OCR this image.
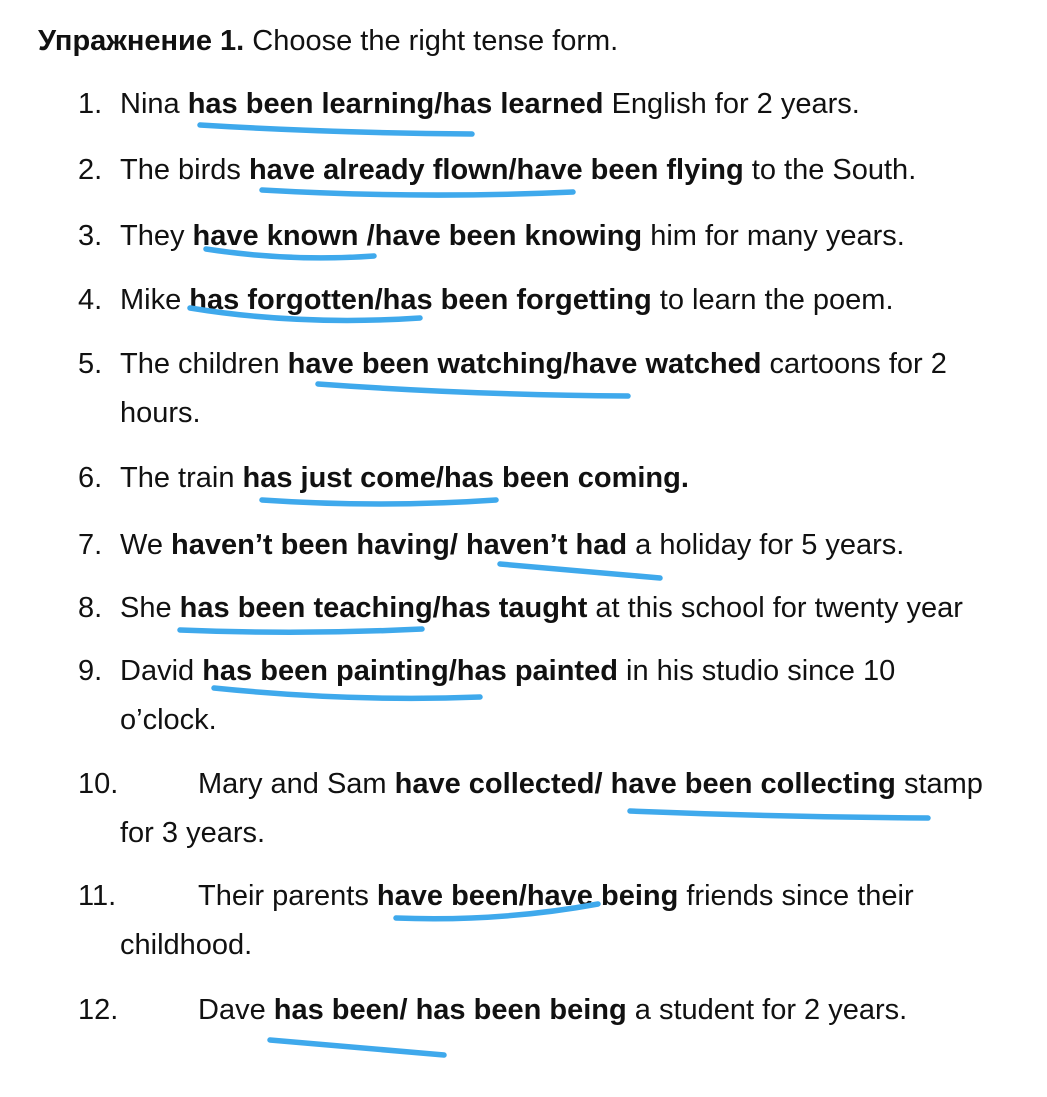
Упражнение 1. Choose the right tense form.
1. Nina has been learning/has learned English for 2 years.
2. The birds have already flown/have been flying to the South.
3. They have known /have been knowing him for many years.
4. Mike has forgotten/has been forgetting to learn the poem.
5. The children have been watching/have watched cartoons for 2
hours.
6. The train has just come/has been coming.
7. We haven’t been having/ haven’t had a holiday for 5 years.
8. She has been teaching/has taught at this school for twenty year
9. David has been painting/has painted in his studio since 10
o’clock.
10.	Mary and Sam have collected/ have been collecting stamp
for 3 years.
11.	Their parents have been/have being friends since their
childhood.
12.	Dave has been/ has been being a student for 2 years.
